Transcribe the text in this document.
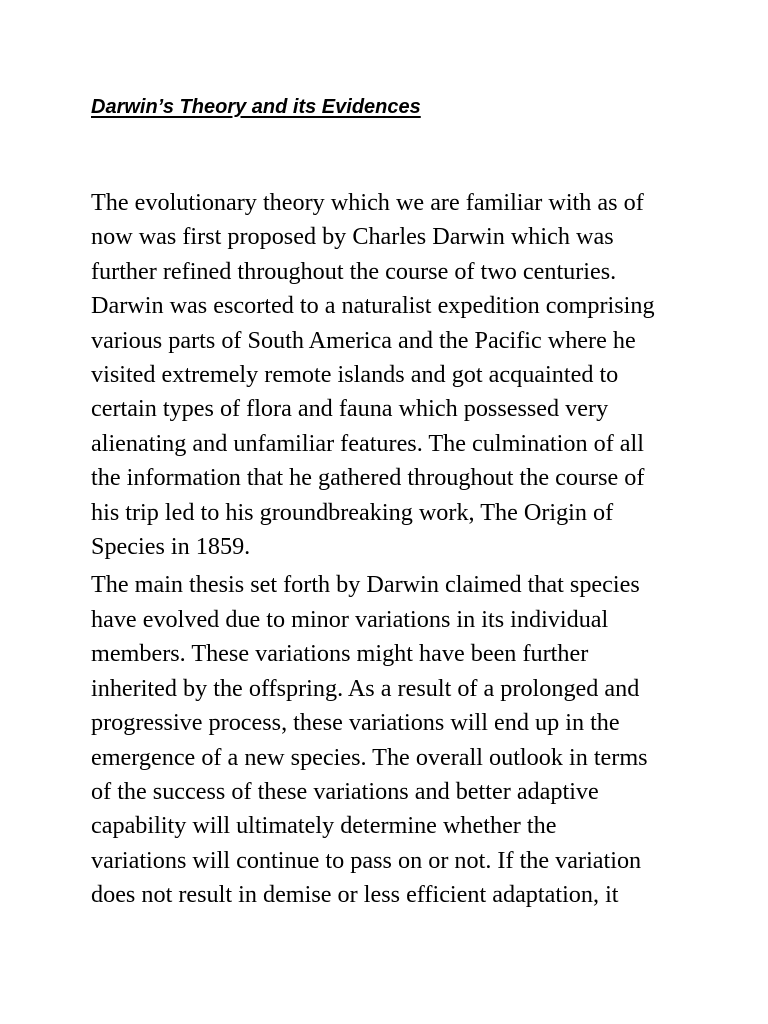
Darwin’s Theory and its Evidences

The evolutionary theory which we are familiar with as of
now was first proposed by Charles Darwin which was
further refined throughout the course of two centuries.
Darwin was escorted to a naturalist expedition comprising
various parts of South America and the Pacific where he
visited extremely remote islands and got acquainted to
certain types of flora and fauna which possessed very
alienating and unfamiliar features. The culmination of all
the information that he gathered throughout the course of
his trip led to his groundbreaking work, The Origin of
Species in 1859.

The main thesis set forth by Darwin claimed that species
have evolved due to minor variations in its individual
members. These variations might have been further
inherited by the offspring. As a result of a prolonged and
progressive process, these variations will end up in the
emergence of a new species. The overall outlook in terms
of the success of these variations and better adaptive
capability will ultimately determine whether the
variations will continue to pass on or not. If the variation
does not result in demise or less efficient adaptation, it
